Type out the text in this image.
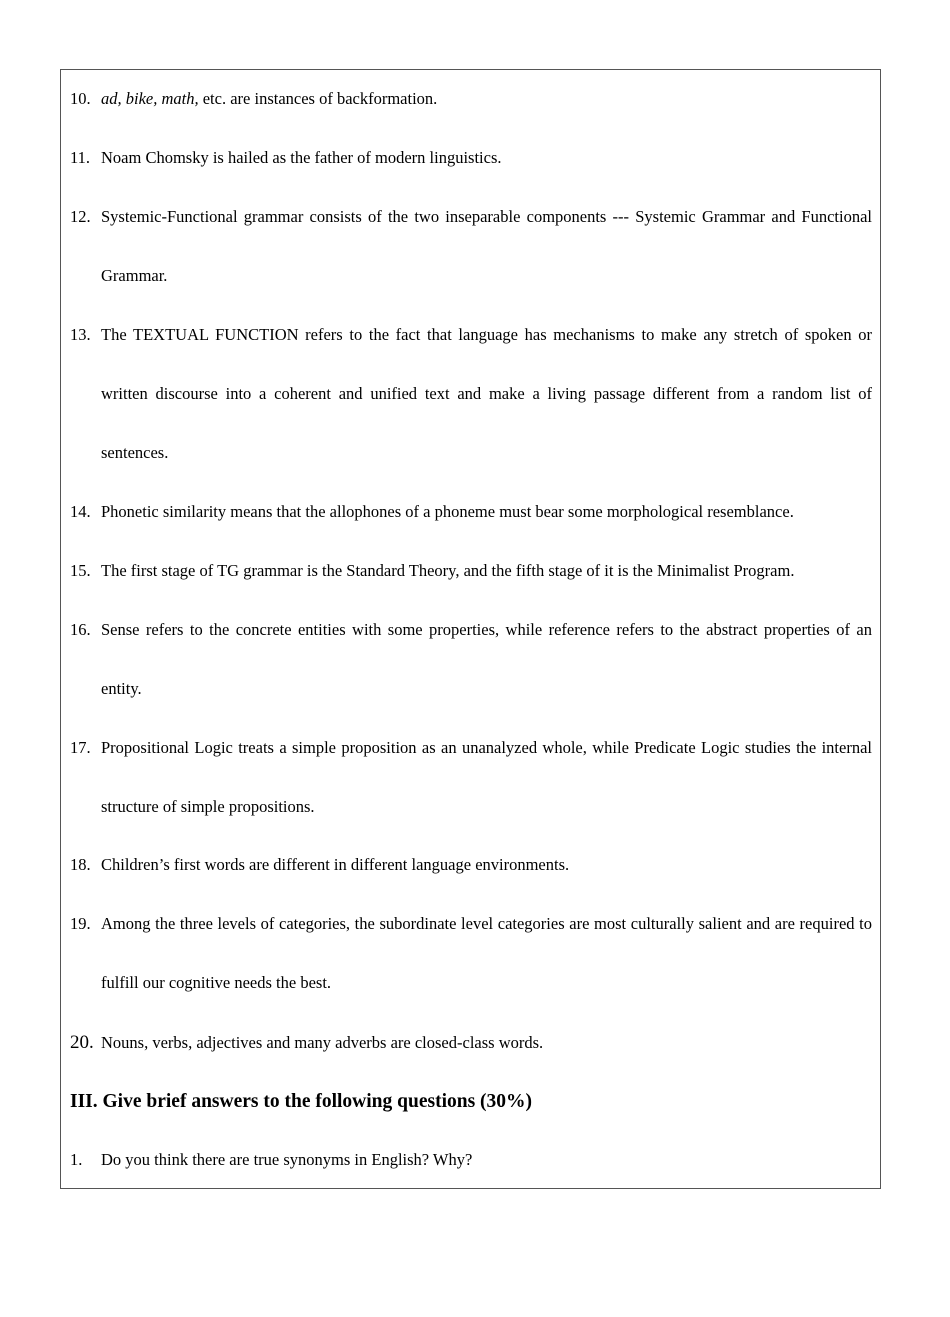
10. ad, bike, math, etc. are instances of backformation.
11. Noam Chomsky is hailed as the father of modern linguistics.
12. Systemic-Functional grammar consists of the two inseparable components --- Systemic Grammar and Functional Grammar.
13. The TEXTUAL FUNCTION refers to the fact that language has mechanisms to make any stretch of spoken or written discourse into a coherent and unified text and make a living passage different from a random list of sentences.
14. Phonetic similarity means that the allophones of a phoneme must bear some morphological resemblance.
15. The first stage of TG grammar is the Standard Theory, and the fifth stage of it is the Minimalist Program.
16. Sense refers to the concrete entities with some properties, while reference refers to the abstract properties of an entity.
17. Propositional Logic treats a simple proposition as an unanalyzed whole, while Predicate Logic studies the internal structure of simple propositions.
18. Children’s first words are different in different language environments.
19. Among the three levels of categories, the subordinate level categories are most culturally salient and are required to fulfill our cognitive needs the best.
20. Nouns, verbs, adjectives and many adverbs are closed-class words.
III. Give brief answers to the following questions (30%)
1. Do you think there are true synonyms in English? Why?
